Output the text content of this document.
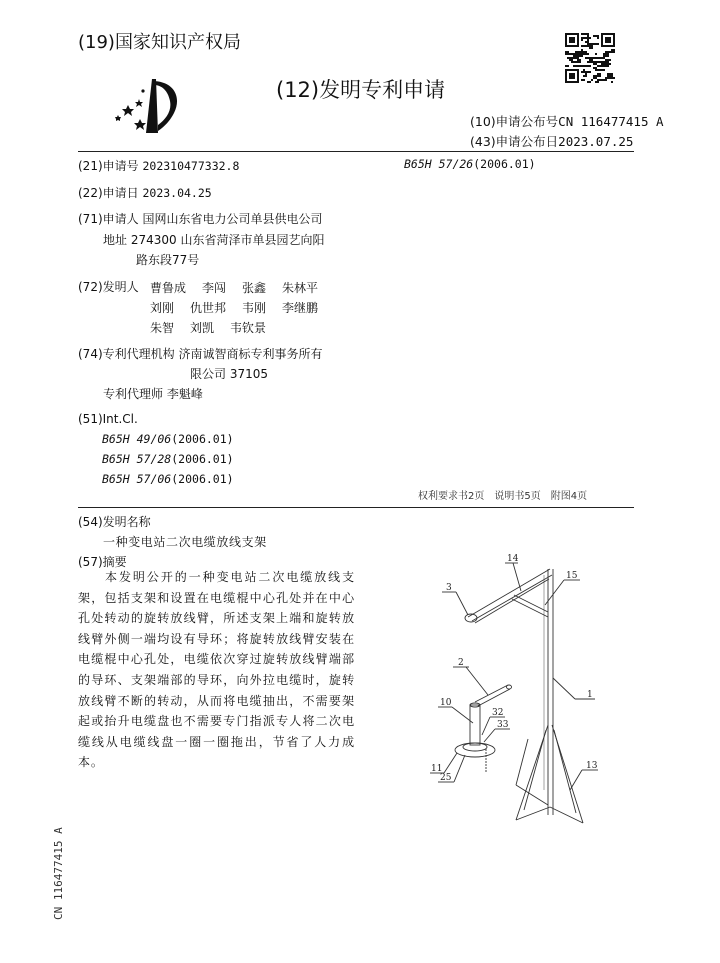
(19)国家知识产权局
(12)发明专利申请
(10)申请公布号CN 116477415 A
(43)申请公布日2023.07.25
(21)申请号 202310477332.8	B65H 57/26(2006.01)
(22)申请日 2023.04.25
(71)申请人 国网山东省电力公司单县供电公司
地址 274300 山东省菏泽市单县园艺向阳
路东段77号
(72)发明人 曹鲁成 李闯 张鑫 朱林平
刘刚 仇世邦 韦刚 李继鹏
朱智 刘凯 韦钦景
(74)专利代理机构 济南诚智商标专利事务所有
限公司 37105
专利代理师 李魁峰
(51)Int.Cl.
B65H 49/06(2006.01)
B65H 57/28(2006.01)
B65H 57/06(2006.01)
权利要求书2页　说明书5页　附图4页
(54)发明名称
一种变电站二次电缆放线支架
(57)摘要
本发明公开的一种变电站二次电缆放线支架，包括支架和设置在电缆棍中心孔处并在中心孔处转动的旋转放线臂，所述支架上端和旋转放线臂外侧一端均设有导环；将旋转放线臂安装在电缆棍中心孔处，电缆依次穿过旋转放线臂端部的导环、支架端部的导环，向外拉电缆时，旋转放线臂不断的转动，从而将电缆抽出，不需要架起或抬升电缆盘也不需要专门指派专人将二次电缆线从电缆线盘一圈一圈拖出，节省了人力成本。
14
15
3
2
10
32
33
1
11
25
13
CN 116477415 A
